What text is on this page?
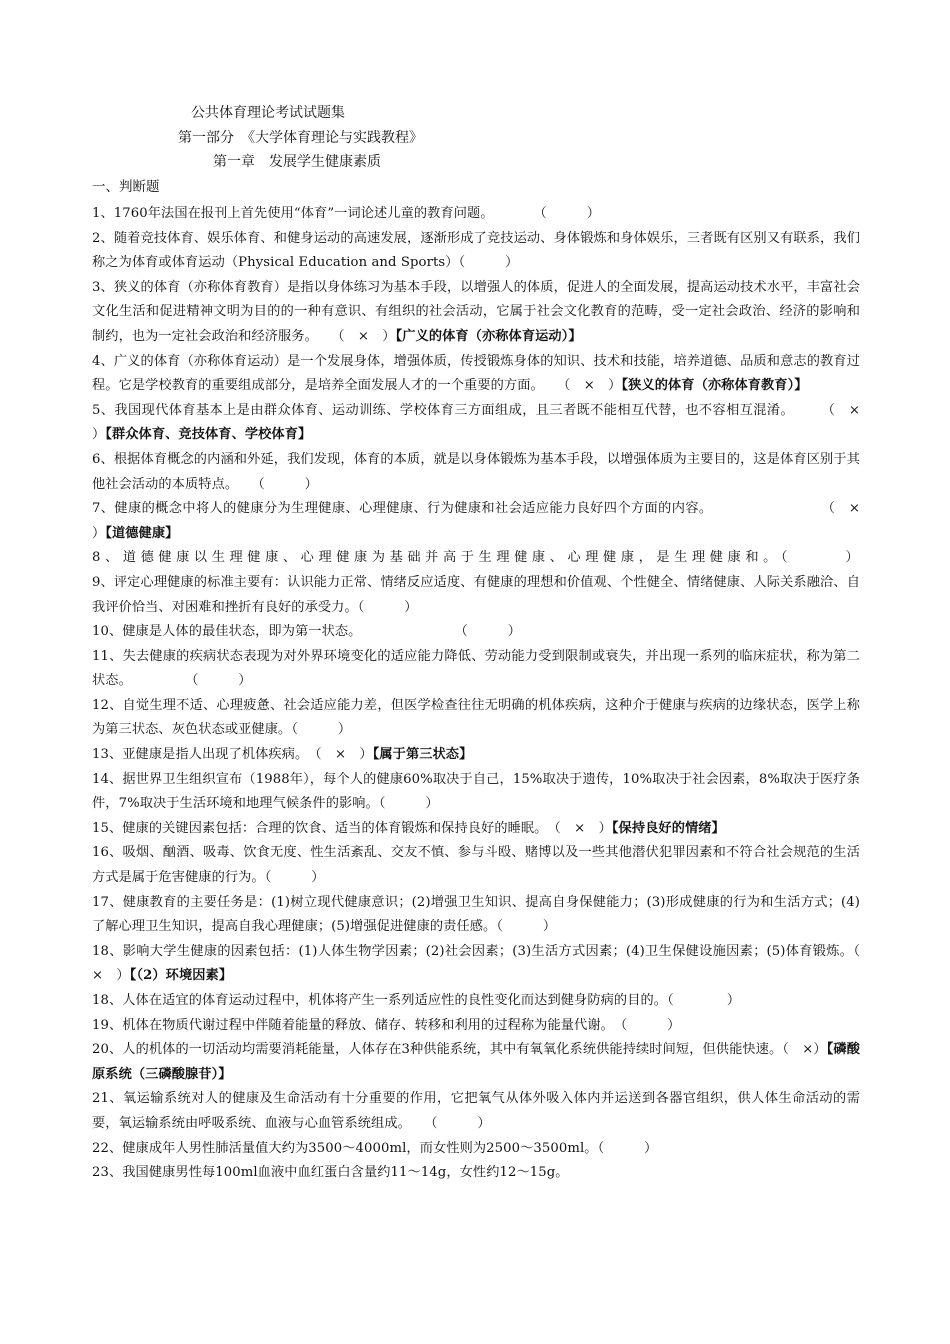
公共体育理论考试试题集
第一部分　《大学体育理论与实践教程》
第一章　发展学生健康素质
一、判断题

1、1760年法国在报刊上首先使用“体育”一词论述儿童的教育问题。　　　　（　　　）

2、随着竞技体育、娱乐体育、和健身运动的高速发展，逐渐形成了竞技运动、身体锻炼和身体娱乐，三者既有区别又有联系，我们称之为体育或体育运动（Physical Education and Sports）（　　　）

3、狭义的体育（亦称体育教育）是指以身体练习为基本手段，以增强人的体质，促进人的全面发展，提高运动技术水平，丰富社会文化生活和促进精神文明为目的的一种有意识、有组织的社会活动，它属于社会文化教育的范畴，受一定社会政治、经济的影响和制约，也为一定社会政治和经济服务。　　（　×　）【广义的体育（亦称体育运动）】

4、广义的体育（亦称体育运动）是一个发展身体，增强体质，传授锻炼身体的知识、技术和技能，培养道德、品质和意志的教育过程。它是学校教育的重要组成部分，是培养全面发展人才的一个重要的方面。　　（　×　）【狭义的体育（亦称体育教育）】

5、我国现代体育基本上是由群众体育、运动训练、学校体育三方面组成，且三者既不能相互代替，也不容相互混淆。　　　（　×　）【群众体育、竞技体育、学校体育】

6、根据体育概念的内涵和外延，我们发现，体育的本质，就是以身体锻炼为基本手段，以增强体质为主要目的，这是体育区别于其他社会活动的本质特点。　　（　　　）

7、健康的概念中将人的健康分为生理健康、心理健康、行为健康和社会适应能力良好四个方面的内容。　　　　　　　　　（　×　）【道德健康】

8、道德健康以生理健康、心理健康为基础并高于生理健康、心理健康，是生理健康和。（　　　）

9、评定心理健康的标准主要有：认识能力正常、情绪反应适度、有健康的理想和价值观、个性健全、情绪健康、人际关系融洽、自我评价恰当、对困难和挫折有良好的承受力。（　　　）

10、健康是人体的最佳状态，即为第一状态。　　　　　　　　（　　　）

11、失去健康的疾病状态表现为对外界环境变化的适应能力降低、劳动能力受到限制或衰失，并出现一系列的临床症状，称为第二状态。　　　　　（　　　）

12、自觉生理不适、心理疲惫、社会适应能力差，但医学检查往往无明确的机体疾病，这种介于健康与疾病的边缘状态，医学上称为第三状态、灰色状态或亚健康。（　　　）

13、亚健康是指人出现了机体疾病。　（　×　）【属于第三状态】

14、据世界卫生组织宣布（1988年），每个人的健康60%取决于自己，15%取决于遗传，10%取决于社会因素，8%取决于医疗条件，7%取决于生活环境和地理气候条件的影响。（　　　）

15、健康的关键因素包括：合理的饮食、适当的体育锻炼和保持良好的睡眠。　（　×　）【保持良好的情绪】

16、吸烟、酗酒、吸毒、饮食无度、性生活紊乱、交友不慎、参与斗殴、赌博以及一些其他潜伏犯罪因素和不符合社会规范的生活方式是属于危害健康的行为。（　　　）

17、健康教育的主要任务是：(1)树立现代健康意识；(2)增强卫生知识、提高自身保健能力；(3)形成健康的行为和生活方式；(4)了解心理卫生知识，提高自我心理健康；(5)增强促进健康的责任感。（　　　）

18、影响大学生健康的因素包括：(1)人体生物学因素；(2)社会因素；(3)生活方式因素；(4)卫生保健设施因素；(5)体育锻炼。（　×　）【（2）环境因素】

18、人体在适宜的体育运动过程中，机体将产生一系列适应性的良性变化而达到健身防病的目的。（　　　　）

19、机体在物质代谢过程中伴随着能量的释放、储存、转移和利用的过程称为能量代谢。　（　　　）

20、人的机体的一切活动均需要消耗能量，人体存在3种供能系统，其中有氧氧化系统供能持续时间短，但供能快速。（　×）【磷酸原系统（三磷酸腺苷）】

21、氧运输系统对人的健康及生命活动有十分重要的作用，它把氧气从体外吸入体内并运送到各器官组织，供人体生命活动的需要，氧运输系统由呼吸系统、血液与心血管系统组成。　　（　　　）

22、健康成年人男性肺活量值大约为3500～4000ml，而女性则为2500～3500ml。（　　　）

23、我国健康男性每100ml血液中血红蛋白含量约11～14g，女性约12～15g。
